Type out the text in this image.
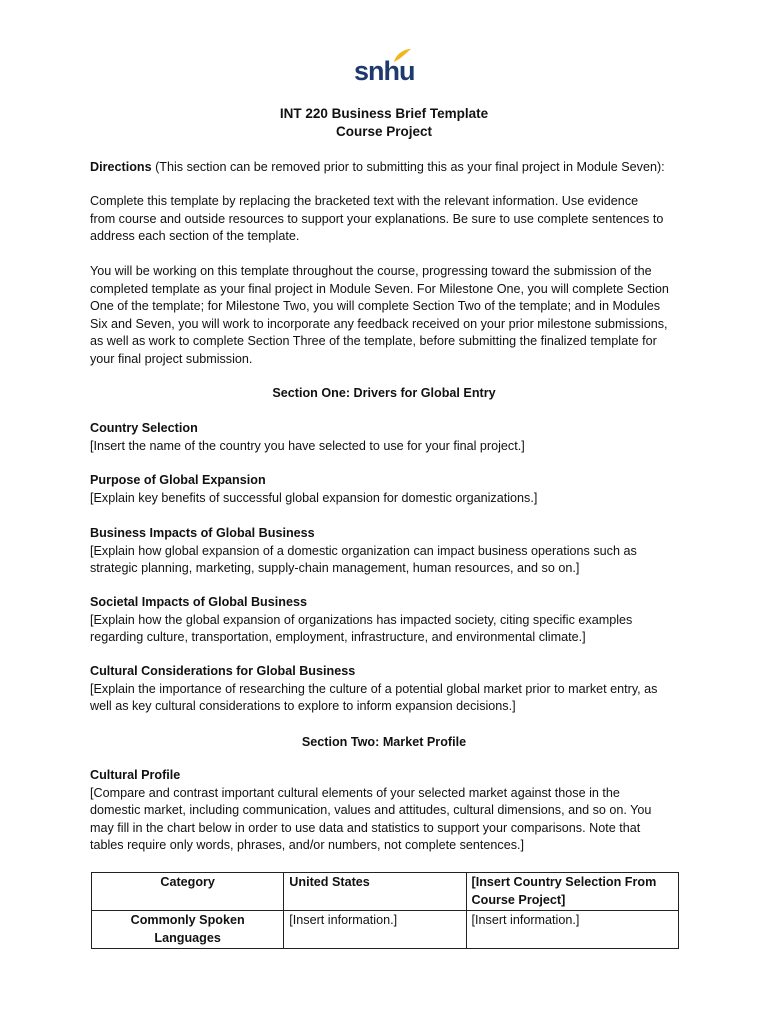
snhu
INT 220 Business Brief Template
Course Project
Directions (This section can be removed prior to submitting this as your final project in Module Seven):
Complete this template by replacing the bracketed text with the relevant information. Use evidence
from course and outside resources to support your explanations. Be sure to use complete sentences to
address each section of the template.
You will be working on this template throughout the course, progressing toward the submission of the
completed template as your final project in Module Seven. For Milestone One, you will complete Section
One of the template; for Milestone Two, you will complete Section Two of the template; and in Modules
Six and Seven, you will work to incorporate any feedback received on your prior milestone submissions,
as well as work to complete Section Three of the template, before submitting the finalized template for
your final project submission.
Section One: Drivers for Global Entry
Country Selection
[Insert the name of the country you have selected to use for your final project.]
Purpose of Global Expansion
[Explain key benefits of successful global expansion for domestic organizations.]
Business Impacts of Global Business
[Explain how global expansion of a domestic organization can impact business operations such as
strategic planning, marketing, supply-chain management, human resources, and so on.]
Societal Impacts of Global Business
[Explain how the global expansion of organizations has impacted society, citing specific examples
regarding culture, transportation, employment, infrastructure, and environmental climate.]
Cultural Considerations for Global Business
[Explain the importance of researching the culture of a potential global market prior to market entry, as
well as key cultural considerations to explore to inform expansion decisions.]
Section Two: Market Profile
Cultural Profile
[Compare and contrast important cultural elements of your selected market against those in the
domestic market, including communication, values and attitudes, cultural dimensions, and so on. You
may fill in the chart below in order to use data and statistics to support your comparisons. Note that
tables require only words, phrases, and/or numbers, not complete sentences.]
Category	United States	[Insert Country Selection From Course Project]
Commonly Spoken Languages	[Insert information.]	[Insert information.]
